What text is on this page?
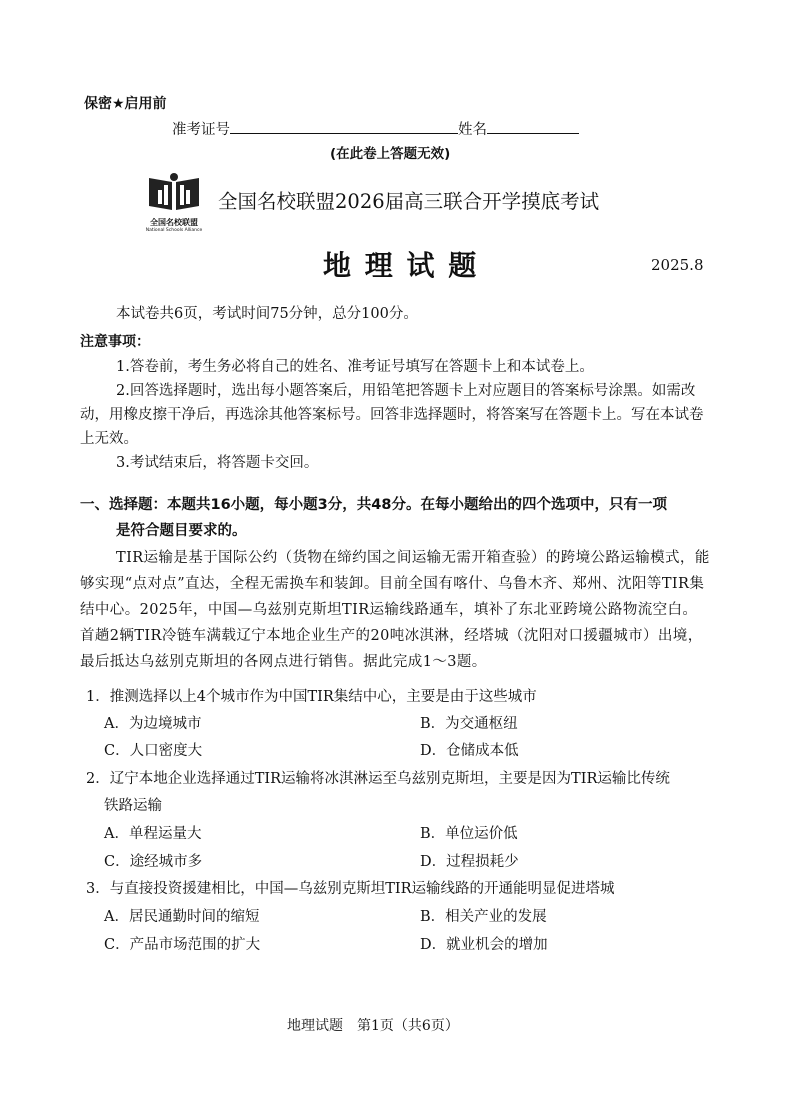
保密★启用前
准考证号	姓名
(在此卷上答题无效)
全国名校联盟
National Schools Alliance
全国名校联盟2026届高三联合开学摸底考试
地 理 试 题	2025.8
本试卷共6页，考试时间75分钟，总分100分。
注意事项：
1.答卷前，考生务必将自己的姓名、准考证号填写在答题卡上和本试卷上。
2.回答选择题时，选出每小题答案后，用铅笔把答题卡上对应题目的答案标号涂黑。如需改动，用橡皮擦干净后，再选涂其他答案标号。回答非选择题时，将答案写在答题卡上。写在本试卷上无效。
3.考试结束后，将答题卡交回。
一、选择题：本题共16小题，每小题3分，共48分。在每小题给出的四个选项中，只有一项
是符合题目要求的。
TIR运输是基于国际公约（货物在缔约国之间运输无需开箱查验）的跨境公路运输模式，能够实现“点对点”直达，全程无需换车和装卸。目前全国有喀什、乌鲁木齐、郑州、沈阳等TIR集结中心。2025年，中国—乌兹别克斯坦TIR运输线路通车，填补了东北亚跨境公路物流空白。首趟2辆TIR冷链车满载辽宁本地企业生产的20吨冰淇淋，经塔城（沈阳对口援疆城市）出境，最后抵达乌兹别克斯坦的各网点进行销售。据此完成1～3题。
1．推测选择以上4个城市作为中国TIR集结中心，主要是由于这些城市
A．为边境城市	B．为交通枢纽
C．人口密度大	D．仓储成本低
2．辽宁本地企业选择通过TIR运输将冰淇淋运至乌兹别克斯坦，主要是因为TIR运输比传统
铁路运输
A．单程运量大	B．单位运价低
C．途经城市多	D．过程损耗少
3．与直接投资援建相比，中国—乌兹别克斯坦TIR运输线路的开通能明显促进塔城
A．居民通勤时间的缩短	B．相关产业的发展
C．产品市场范围的扩大	D．就业机会的增加
地理试题　第1页（共6页）
